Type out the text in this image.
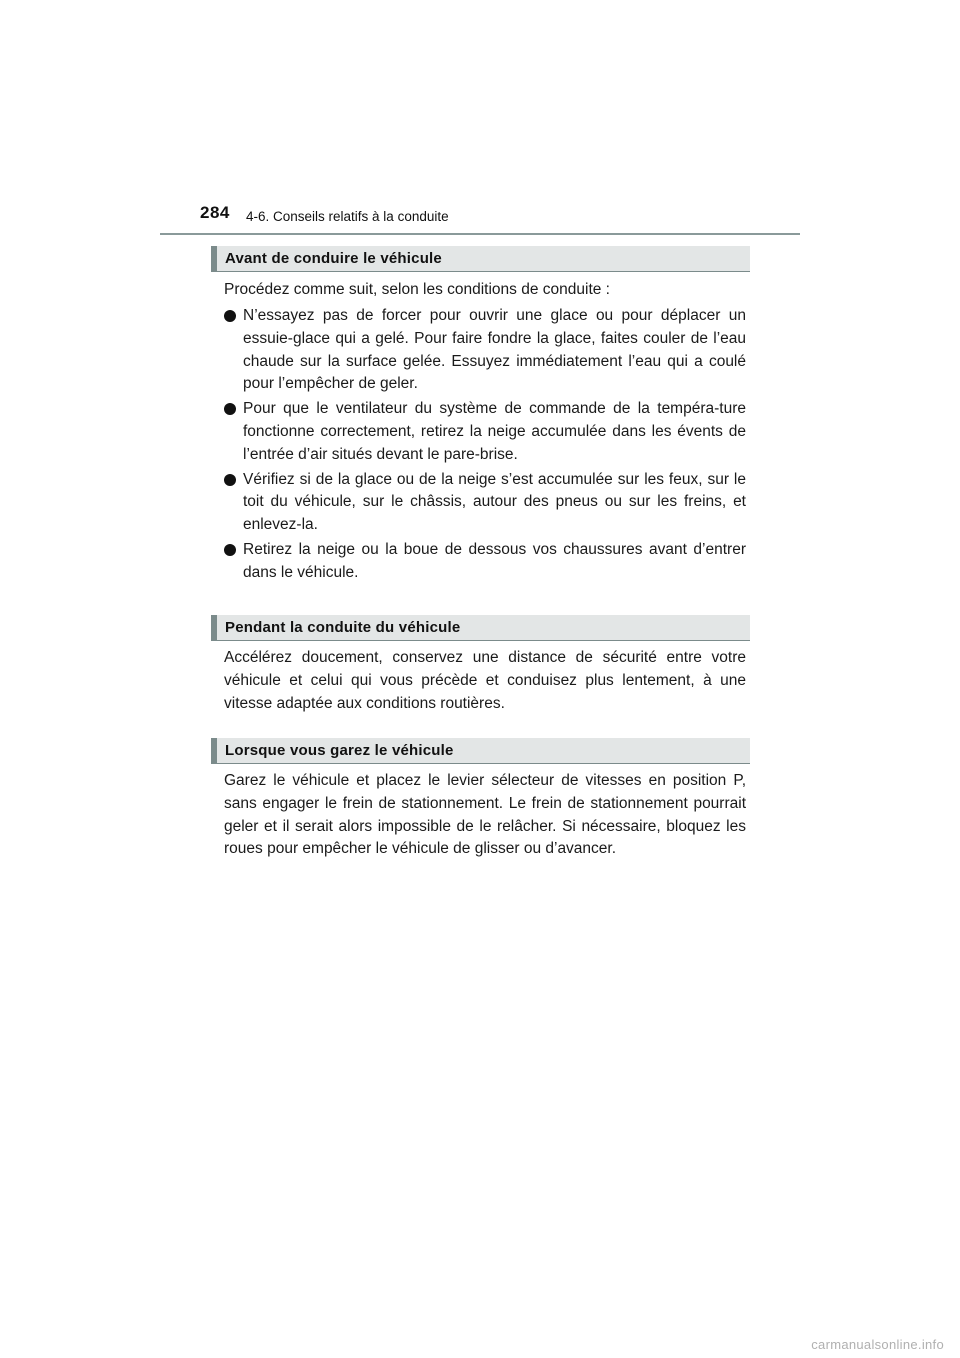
284 4-6. Conseils relatifs à la conduite
Avant de conduire le véhicule

Procédez comme suit, selon les conditions de conduite :

N’essayez pas de forcer pour ouvrir une glace ou pour déplacer un essuie-glace qui a gelé. Pour faire fondre la glace, faites couler de l’eau chaude sur la surface gelée. Essuyez immédiatement l’eau qui a coulé pour l’empêcher de geler.
Pour que le ventilateur du système de commande de la tempéra-ture fonctionne correctement, retirez la neige accumulée dans les évents de l’entrée d’air situés devant le pare-brise.
Vérifiez si de la glace ou de la neige s’est accumulée sur les feux, sur le toit du véhicule, sur le châssis, autour des pneus ou sur les freins, et enlevez-la.
Retirez la neige ou la boue de dessous vos chaussures avant d’entrer dans le véhicule.
Pendant la conduite du véhicule

Accélérez doucement, conservez une distance de sécurité entre votre véhicule et celui qui vous précède et conduisez plus lentement, à une vitesse adaptée aux conditions routières.

Lorsque vous garez le véhicule

Garez le véhicule et placez le levier sélecteur de vitesses en position P, sans engager le frein de stationnement. Le frein de stationnement pourrait geler et il serait alors impossible de le relâcher. Si nécessaire, bloquez les roues pour empêcher le véhicule de glisser ou d’avancer.

carmanualsonline.info
